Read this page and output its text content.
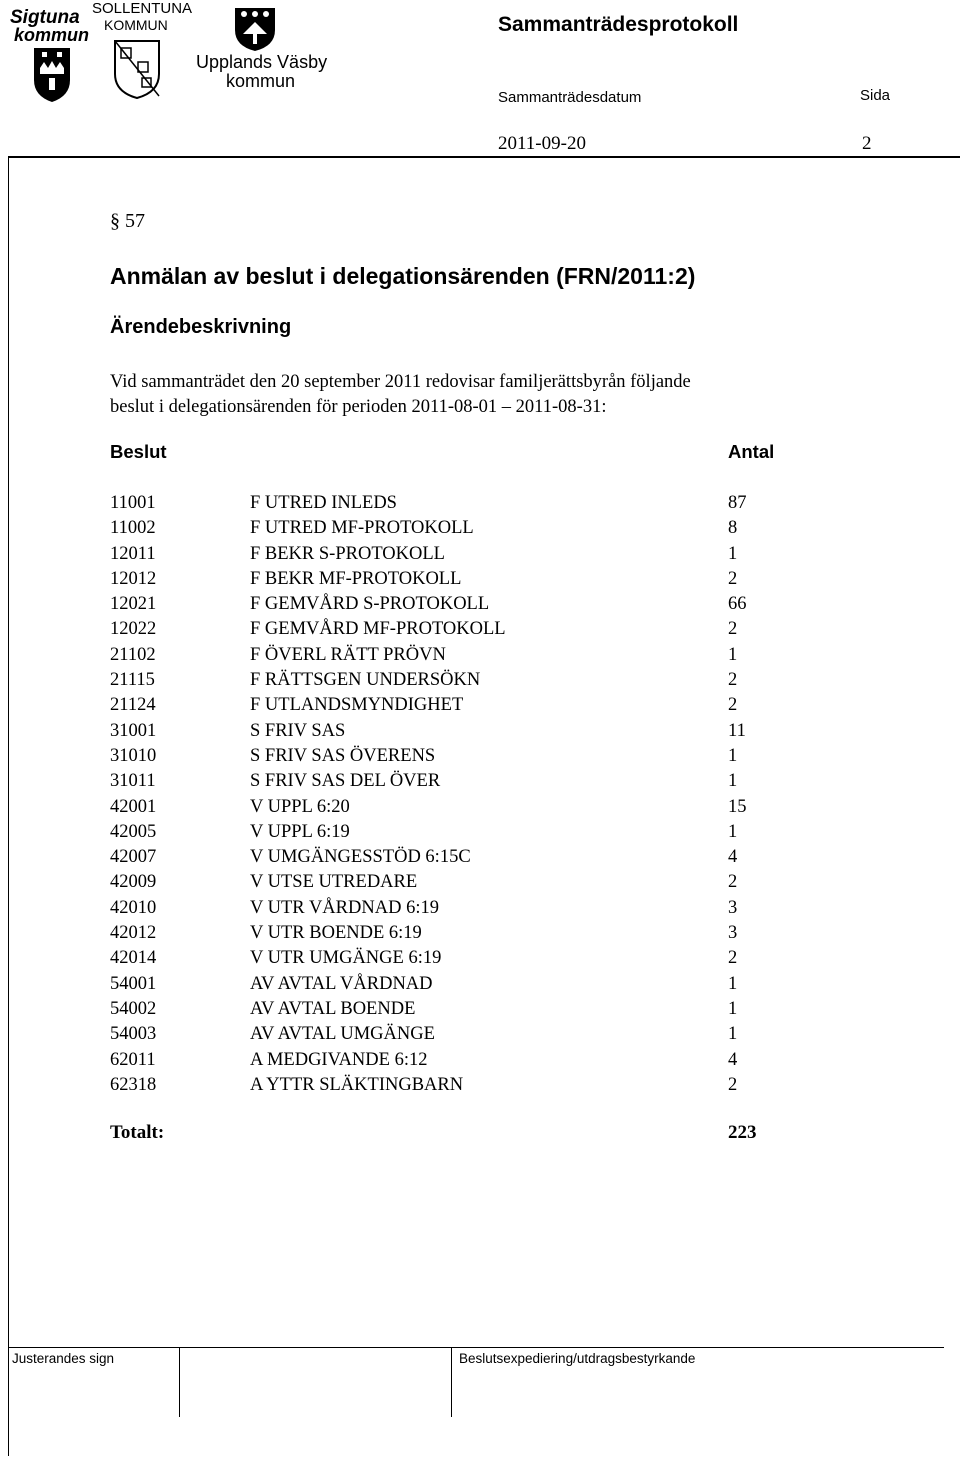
Sigtuna
kommun
SOLLENTUNA
KOMMUN
Upplands Väsby
kommun
Sammanträdesprotokoll
Sammanträdesdatum	Sida
2011-09-20	2
§ 57
Anmälan av beslut i delegationsärenden (FRN/2011:2)
Ärendebeskrivning
Vid sammanträdet den 20 september 2011 redovisar familjerättsbyrån följande
beslut i delegationsärenden för perioden 2011-08-01 – 2011-08-31:
Beslut	Antal
11001	F UTRED INLEDS	87
11002	F UTRED MF-PROTOKOLL	8
12011	F BEKR S-PROTOKOLL	1
12012	F BEKR MF-PROTOKOLL	2
12021	F GEMVÅRD S-PROTOKOLL	66
12022	F GEMVÅRD MF-PROTOKOLL	2
21102	F ÖVERL RÄTT PRÖVN	1
21115	F RÄTTSGEN UNDERSÖKN	2
21124	F UTLANDSMYNDIGHET	2
31001	S FRIV SAS	11
31010	S FRIV SAS ÖVERENS	1
31011	S FRIV SAS DEL ÖVER	1
42001	V UPPL 6:20	15
42005	V UPPL 6:19	1
42007	V UMGÄNGESSTÖD 6:15C	4
42009	V UTSE UTREDARE	2
42010	V UTR VÅRDNAD 6:19	3
42012	V UTR BOENDE 6:19	3
42014	V UTR UMGÄNGE 6:19	2
54001	AV AVTAL VÅRDNAD	1
54002	AV AVTAL BOENDE	1
54003	AV AVTAL UMGÄNGE	1
62011	A MEDGIVANDE 6:12	4
62318	A YTTR SLÄKTINGBARN	2
Totalt:	223
Justerandes sign	Beslutsexpediering/utdragsbestyrkande
